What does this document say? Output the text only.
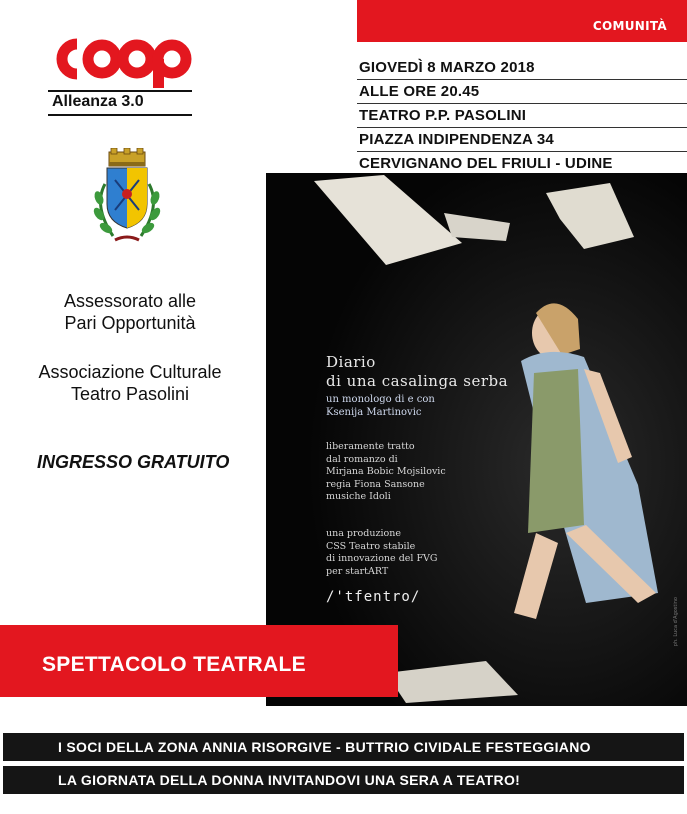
COMUNITÀ
Alleanza 3.0
GIOVEDÌ 8 MARZO 2018
ALLE ORE 20.45
TEATRO P.P. PASOLINI
PIAZZA INDIPENDENZA 34
CERVIGNANO DEL FRIULI - UDINE
Assessorato alle
Pari Opportunità
Associazione Culturale
Teatro Pasolini
INGRESSO GRATUITO
Diario
di una casalinga serba
un monologo di e con
Ksenija Martinovic
liberamente tratto
dal romanzo di
Mirjana Bobic Mojsilovic
regia Fiona Sansone
musiche Idoli
una produzione
CSS Teatro stabile
di innovazione del FVG
per startART
/'tfentro/	ph. Luca d'Agostino
SPETTACOLO TEATRALE
I SOCI DELLA ZONA ANNIA RISORGIVE - BUTTRIO CIVIDALE FESTEGGIANO
LA GIORNATA DELLA DONNA INVITANDOVI UNA SERA A TEATRO!
